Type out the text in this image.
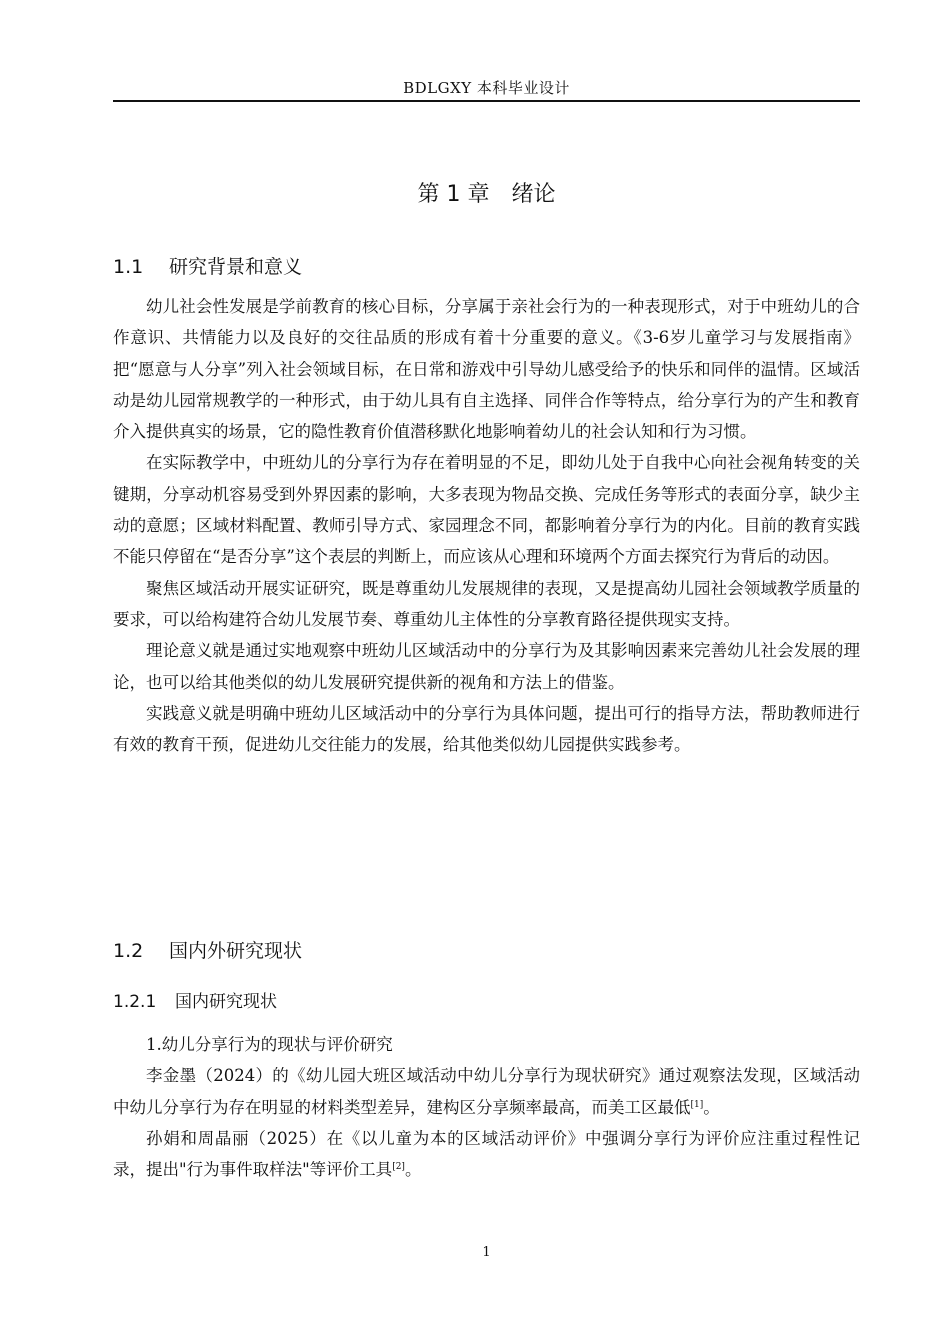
BDLGXY 本科毕业设计
第 1 章　绪论
1.1 研究背景和意义

幼儿社会性发展是学前教育的核心目标，分享属于亲社会行为的一种表现形式，对于中班幼儿的合作意识、共情能力以及良好的交往品质的形成有着十分重要的意义。《3-6岁儿童学习与发展指南》把“愿意与人分享”列入社会领域目标，在日常和游戏中引导幼儿感受给予的快乐和同伴的温情。区域活动是幼儿园常规教学的一种形式，由于幼儿具有自主选择、同伴合作等特点，给分享行为的产生和教育介入提供真实的场景，它的隐性教育价值潜移默化地影响着幼儿的社会认知和行为习惯。

在实际教学中，中班幼儿的分享行为存在着明显的不足，即幼儿处于自我中心向社会视角转变的关键期，分享动机容易受到外界因素的影响，大多表现为物品交换、完成任务等形式的表面分享，缺少主动的意愿；区域材料配置、教师引导方式、家园理念不同，都影响着分享行为的内化。目前的教育实践不能只停留在“是否分享”这个表层的判断上，而应该从心理和环境两个方面去探究行为背后的动因。

聚焦区域活动开展实证研究，既是尊重幼儿发展规律的表现，又是提高幼儿园社会领域教学质量的要求，可以给构建符合幼儿发展节奏、尊重幼儿主体性的分享教育路径提供现实支持。

理论意义就是通过实地观察中班幼儿区域活动中的分享行为及其影响因素来完善幼儿社会发展的理论，也可以给其他类似的幼儿发展研究提供新的视角和方法上的借鉴。

实践意义就是明确中班幼儿区域活动中的分享行为具体问题，提出可行的指导方法，帮助教师进行有效的教育干预，促进幼儿交往能力的发展，给其他类似幼儿园提供实践参考。

1.2 国内外研究现状
1.2.1 国内研究现状

1.幼儿分享行为的现状与评价研究

李金墨（2024）的《幼儿园大班区域活动中幼儿分享行为现状研究》通过观察法发现，区域活动中幼儿分享行为存在明显的材料类型差异，建构区分享频率最高，而美工区最低[1]。

孙娟和周晶丽（2025）在《以儿童为本的区域活动评价》中强调分享行为评价应注重过程性记录，提出"行为事件取样法"等评价工具[2]。

1
